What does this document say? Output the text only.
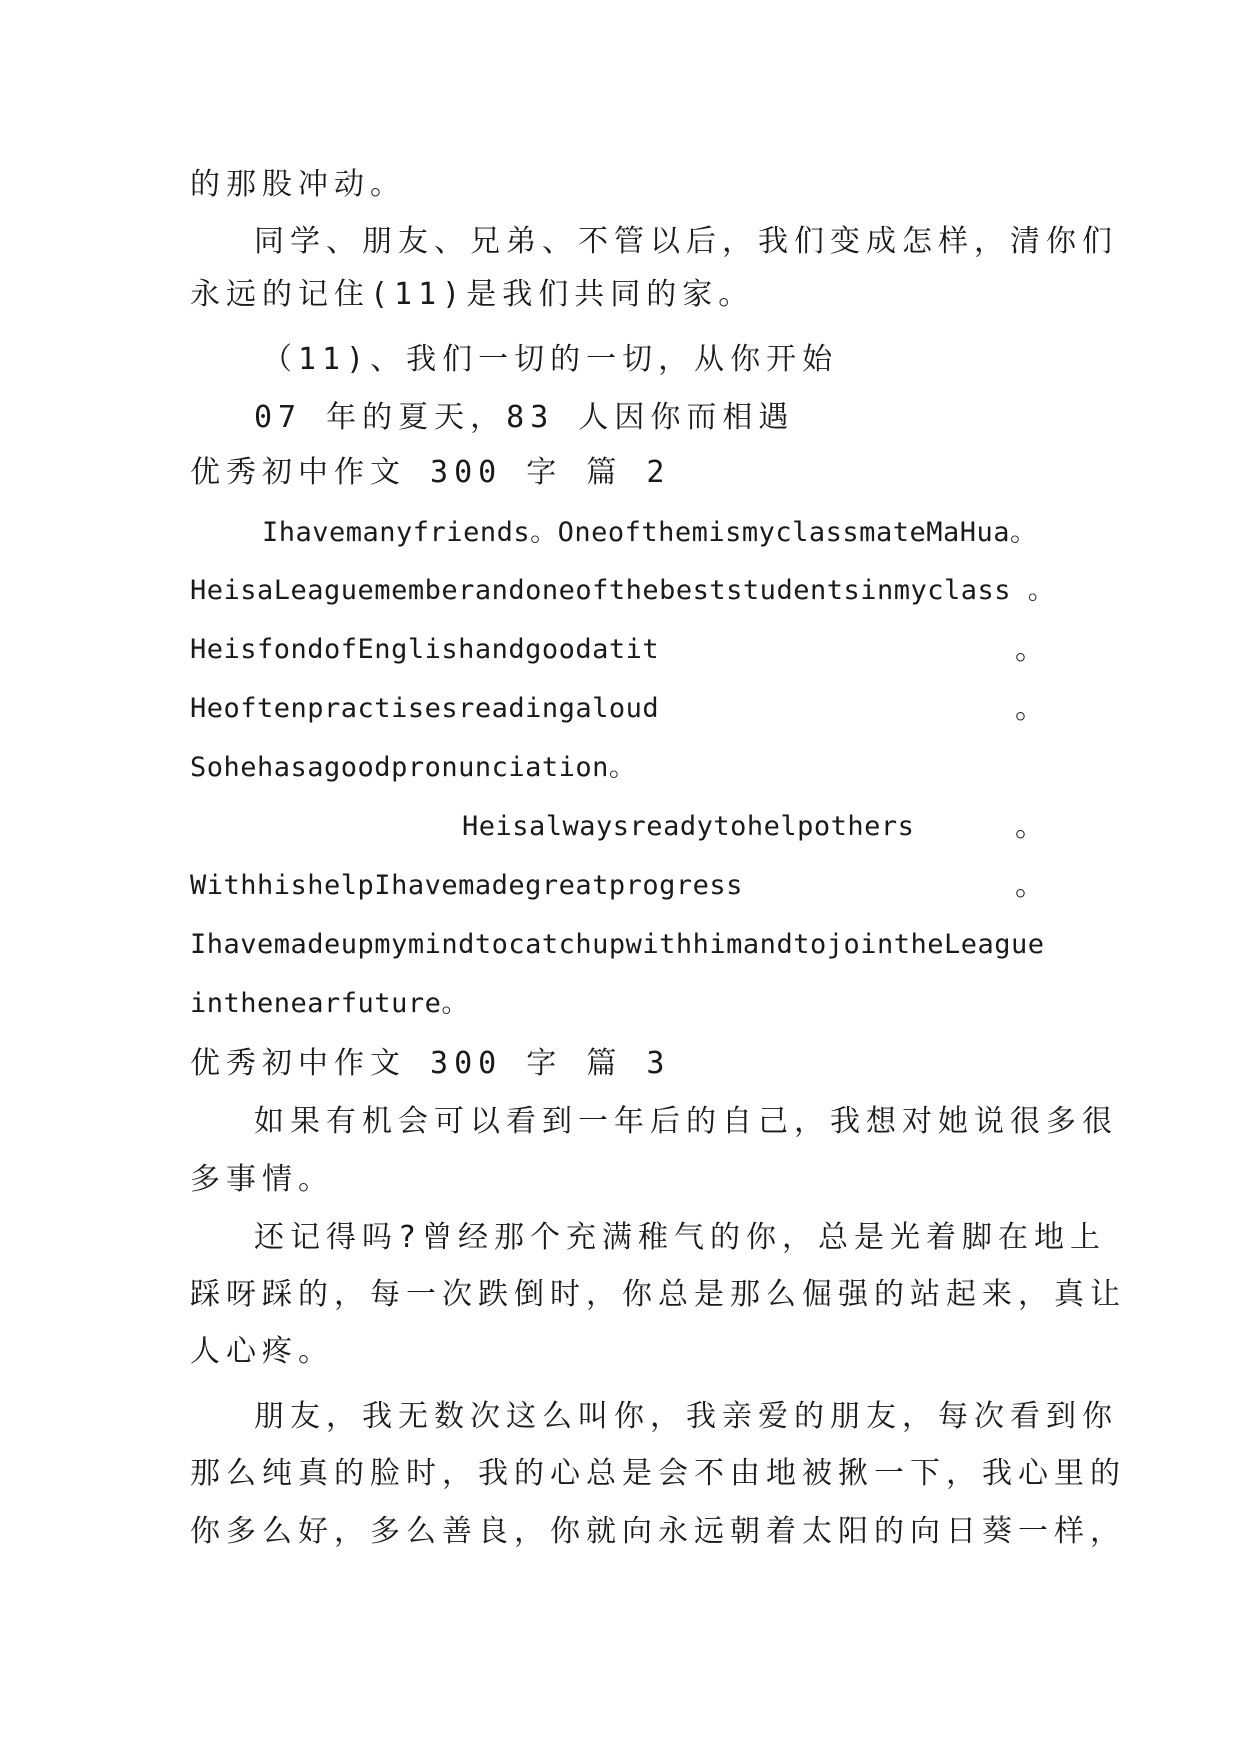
的那股冲动。
同学、朋友、兄弟、不管以后，我们变成怎样，清你们
永远的记住(11)是我们共同的家。
（11)、我们一切的一切，从你开始
07 年的夏天，83 人因你而相遇
优秀初中作文 300 字 篇 2
Ihavemanyfriends。OneofthemismyclassmateMaHua。
HeisaLeaguememberandoneofthebeststudentsinmyclass 。
HeisfondofEnglishandgoodatit	。
Heoftenpractisesreadingaloud	。
Sohehasagoodpronunciation。
Heisalwaysreadytohelpothers	。
WithhishelpIhavemadegreatprogress	。
IhavemadeupmymindtocatchupwithhimandtojointheLeague
inthenearfuture。
优秀初中作文 300 字 篇 3
如果有机会可以看到一年后的自己，我想对她说很多很
多事情。
还记得吗?曾经那个充满稚气的你，总是光着脚在地上
踩呀踩的，每一次跌倒时，你总是那么倔强的站起来，真让
人心疼。
朋友，我无数次这么叫你，我亲爱的朋友，每次看到你
那么纯真的脸时，我的心总是会不由地被揪一下，我心里的
你多么好，多么善良，你就向永远朝着太阳的向日葵一样，
